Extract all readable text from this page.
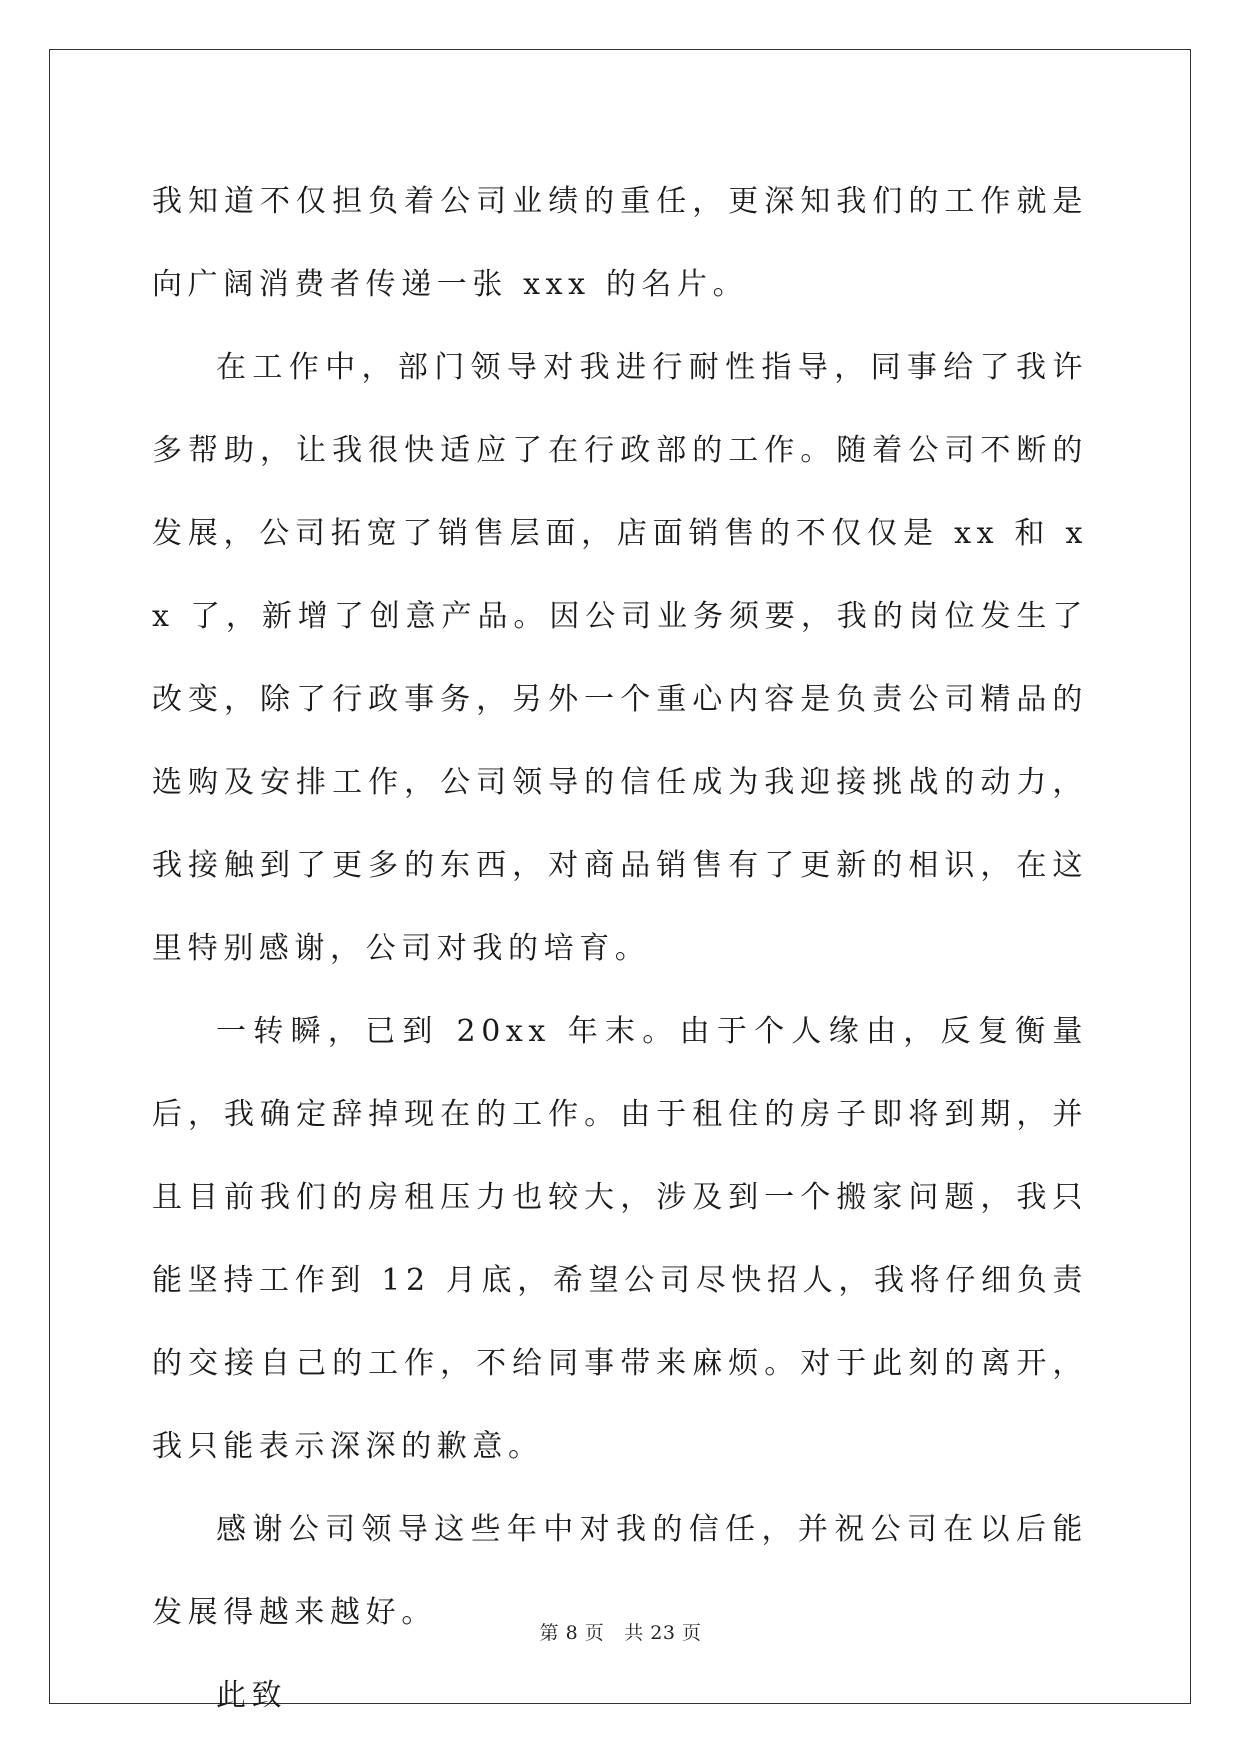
我知道不仅担负着公司业绩的重任，更深知我们的工作就是向广阔消费者传递一张 xxx 的名片。

在工作中，部门领导对我进行耐性指导，同事给了我许多帮助，让我很快适应了在行政部的工作。随着公司不断的发展，公司拓宽了销售层面，店面销售的不仅仅是 xx 和 xx 了，新增了创意产品。因公司业务须要，我的岗位发生了改变，除了行政事务，另外一个重心内容是负责公司精品的选购及安排工作，公司领导的信任成为我迎接挑战的动力，我接触到了更多的东西，对商品销售有了更新的相识，在这里特别感谢，公司对我的培育。

一转瞬，已到 20xx 年末。由于个人缘由，反复衡量后，我确定辞掉现在的工作。由于租住的房子即将到期，并且目前我们的房租压力也较大，涉及到一个搬家问题，我只能坚持工作到 12 月底，希望公司尽快招人，我将仔细负责的交接自己的工作，不给同事带来麻烦。对于此刻的离开，我只能表示深深的歉意。

感谢公司领导这些年中对我的信任，并祝公司在以后能发展得越来越好。

此致

第 8 页 共 23 页
